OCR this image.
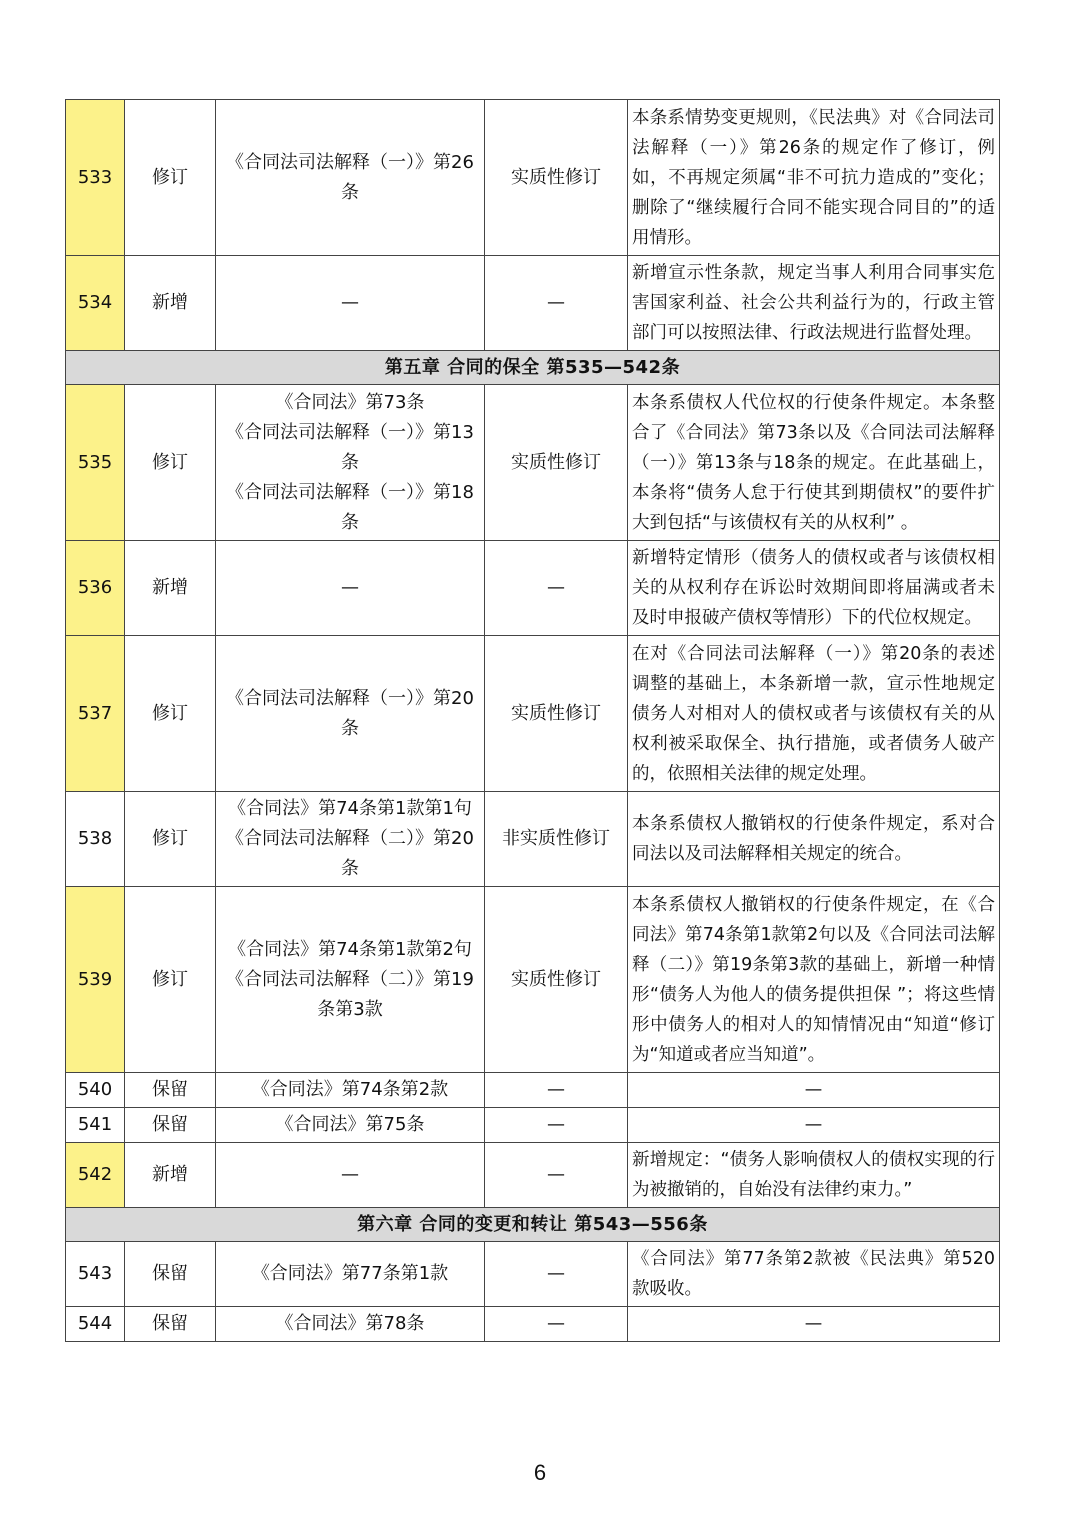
533	修订	《合同法司法解释（一）》第26
条	实质性修订	本条系情势变更规则，《民法典》对《合同法司法解释（一）》第26条的规定作了修订，例如，不再规定须属“非不可抗力造成的”变化；删除了“继续履行合同不能实现合同目的”的适用情形。
534	新增	—	—	新增宣示性条款，规定当事人利用合同事实危害国家利益、社会公共利益行为的，行政主管部门可以按照法律、行政法规进行监督处理。
第五章 合同的保全 第535—542条				
535	修订	《合同法》第73条
《合同法司法解释（一）》第13
条
《合同法司法解释（一）》第18
条	实质性修订	本条系债权人代位权的行使条件规定。本条整合了《合同法》第73条以及《合同法司法解释（一）》第13条与18条的规定。在此基础上，本条将“债务人怠于行使其到期债权”的要件扩大到包括“与该债权有关的从权利” 。
536	新增	—	—	新增特定情形（债务人的债权或者与该债权相关的从权利存在诉讼时效期间即将届满或者未及时申报破产债权等情形）下的代位权规定。
537	修订	《合同法司法解释（一）》第20
条	实质性修订	在对《合同法司法解释（一）》第20条的表述调整的基础上，本条新增一款，宣示性地规定债务人对相对人的债权或者与该债权有关的从权利被采取保全、执行措施，或者债务人破产的，依照相关法律的规定处理。
538	修订	《合同法》第74条第1款第1句
《合同法司法解释（二）》第20
条	非实质性修订	本条系债权人撤销权的行使条件规定，系对合同法以及司法解释相关规定的统合。
539	修订	《合同法》第74条第1款第2句
《合同法司法解释（二）》第19
条第3款	实质性修订	本条系债权人撤销权的行使条件规定，在《合同法》第74条第1款第2句以及《合同法司法解释（二）》第19条第3款的基础上，新增一种情形“债务人为他人的债务提供担保 ”；将这些情形中债务人的相对人的知情情况由“知道“修订为“知道或者应当知道”。
540	保留	《合同法》第74条第2款	—	—
541	保留	《合同法》第75条	—	—
542	新增	—	—	新增规定：“债务人影响债权人的债权实现的行为被撤销的，自始没有法律约束力。”
第六章 合同的变更和转让 第543—556条				
543	保留	《合同法》第77条第1款	—	《合同法》第77条第2款被《民法典》第520款吸收。
544	保留	《合同法》第78条	—	—
6
